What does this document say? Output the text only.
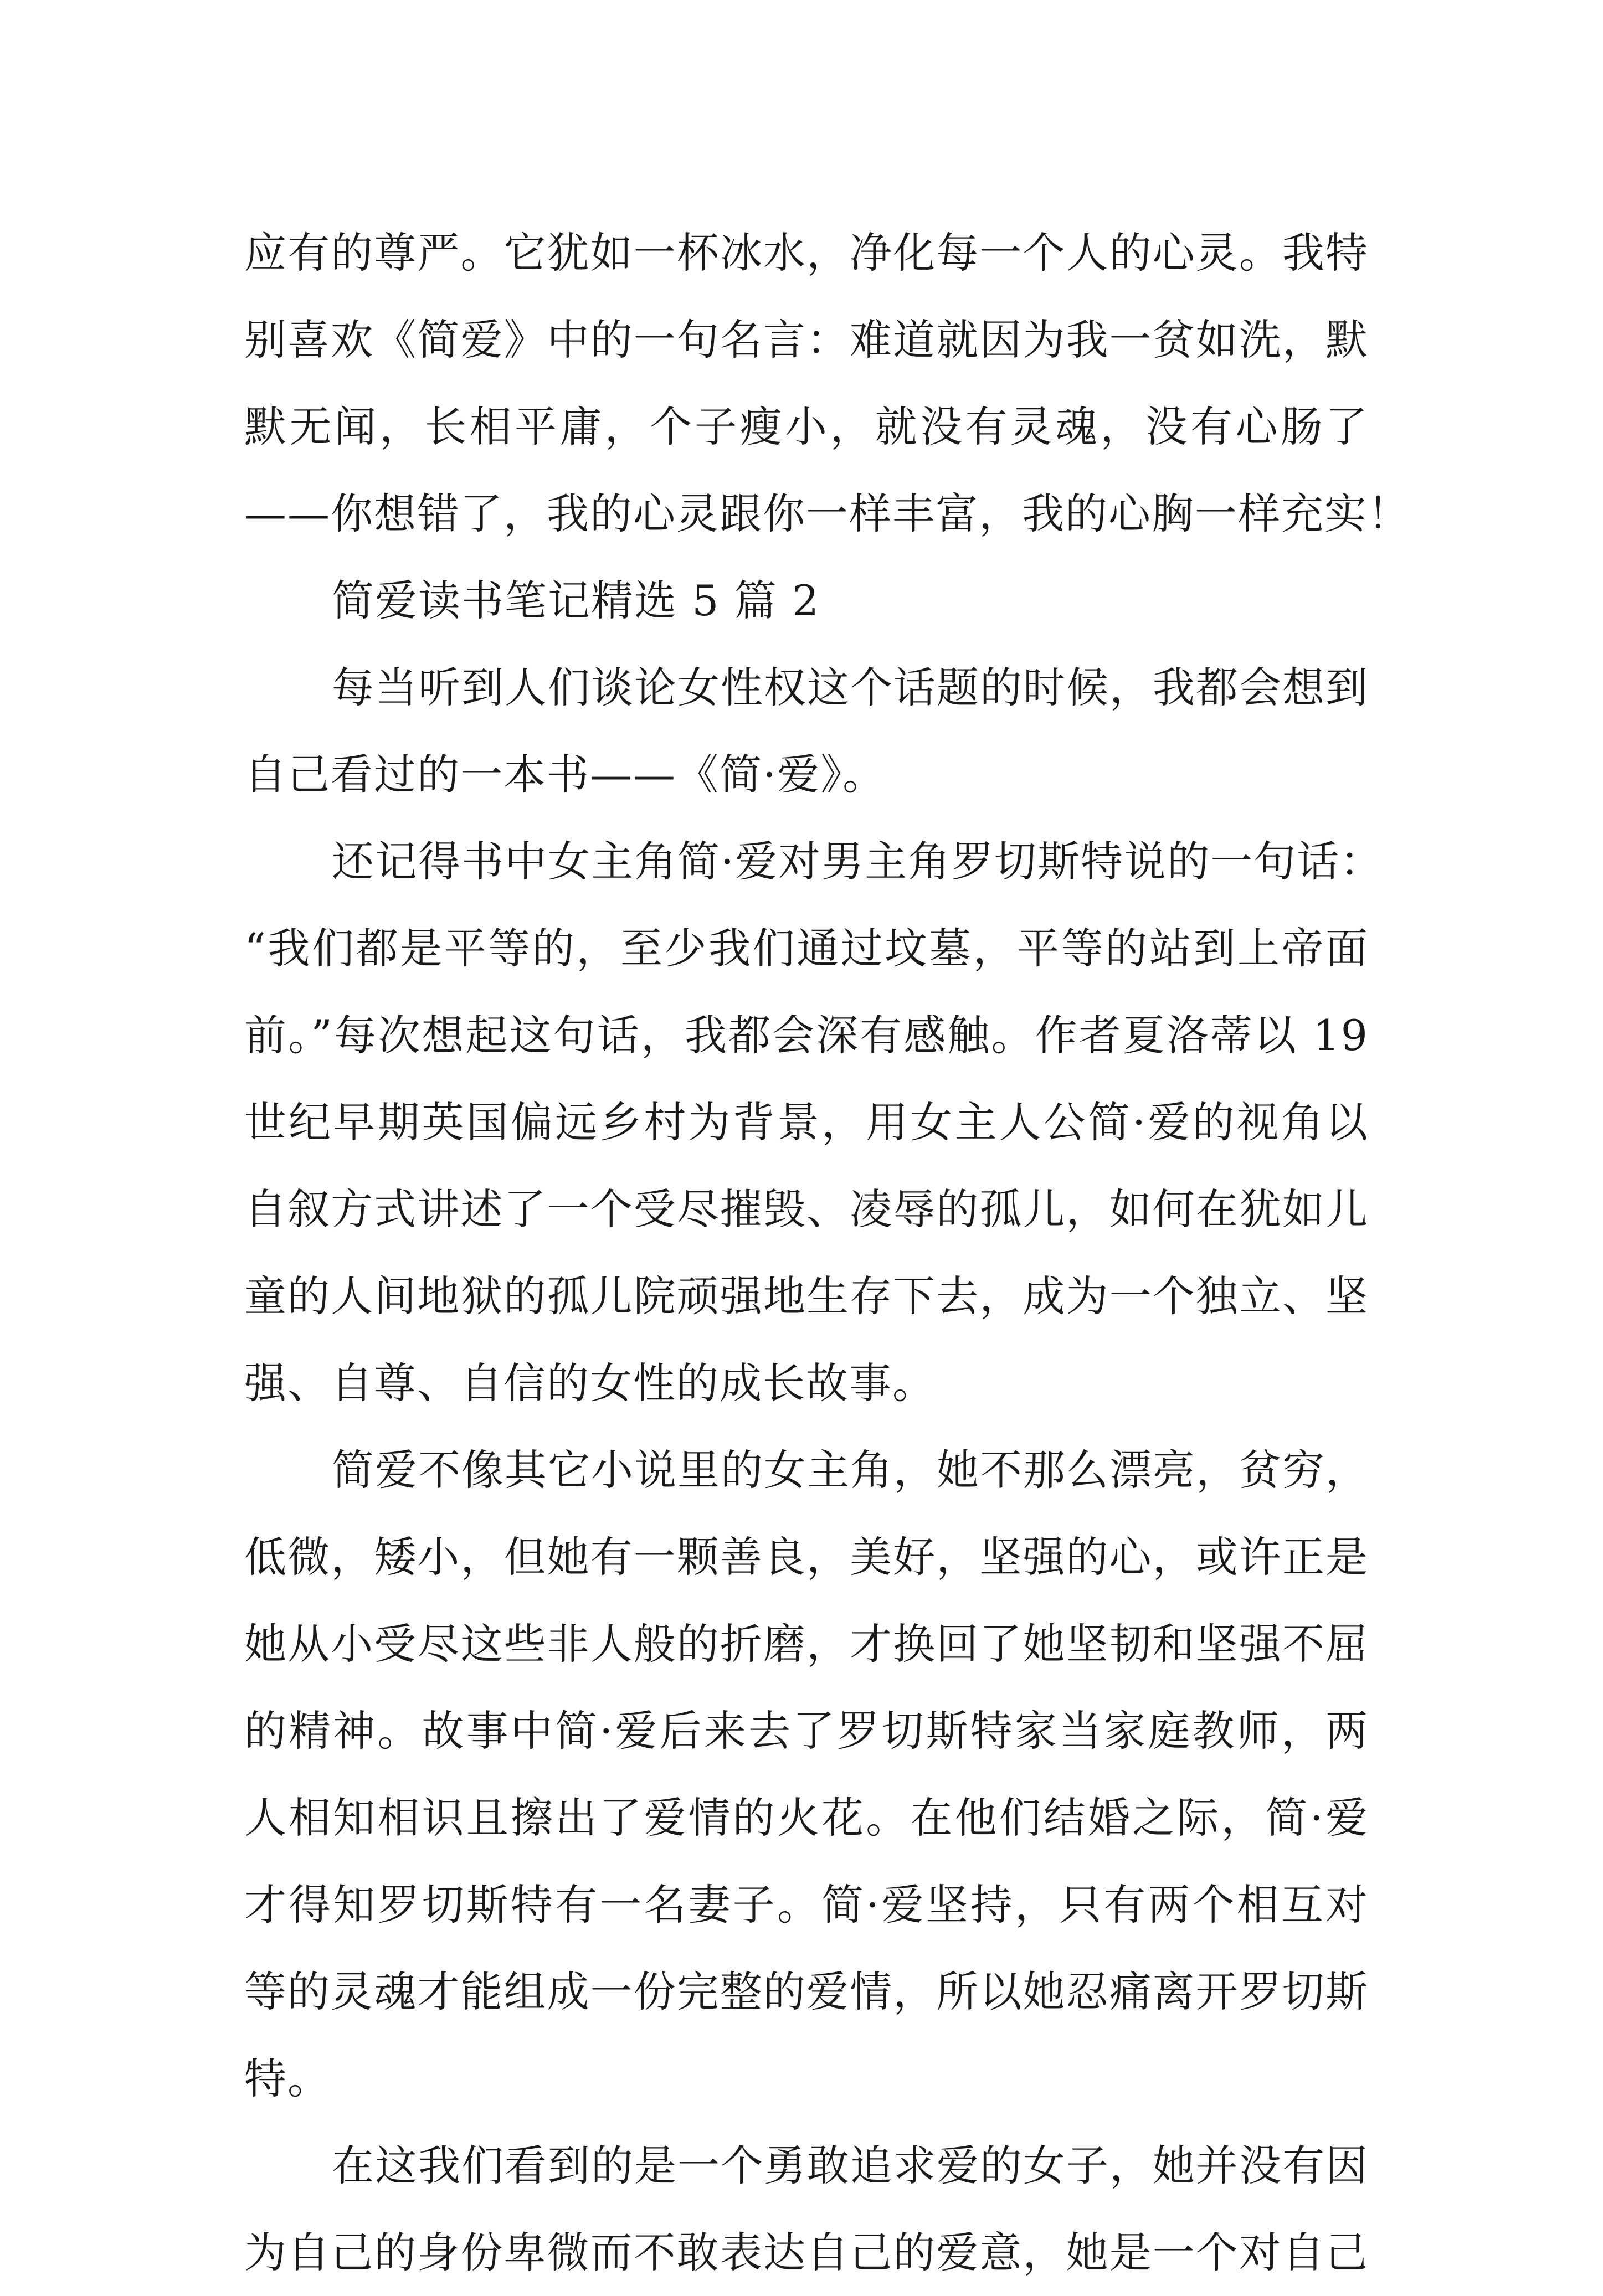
应有的尊严。它犹如一杯冰水，净化每一个人的心灵。我特
别喜欢《简爱》中的一句名言：难道就因为我一贫如洗，默
默无闻，长相平庸，个子瘦小，就没有灵魂，没有心肠了
——你想错了，我的心灵跟你一样丰富，我的心胸一样充实！
简爱读书笔记精选 5 篇 2
每当听到人们谈论女性权这个话题的时候，我都会想到
自己看过的一本书——《简·爱》。
还记得书中女主角简·爱对男主角罗切斯特说的一句话：
“我们都是平等的，至少我们通过坟墓，平等的站到上帝面
前。”每次想起这句话，我都会深有感触。作者夏洛蒂以 19
世纪早期英国偏远乡村为背景，用女主人公简·爱的视角以
自叙方式讲述了一个受尽摧毁、凌辱的孤儿，如何在犹如儿
童的人间地狱的孤儿院顽强地生存下去，成为一个独立、坚
强、自尊、自信的女性的成长故事。
简爱不像其它小说里的女主角，她不那么漂亮，贫穷，
低微，矮小，但她有一颗善良，美好，坚强的心，或许正是
她从小受尽这些非人般的折磨，才换回了她坚韧和坚强不屈
的精神。故事中简·爱后来去了罗切斯特家当家庭教师，两
人相知相识且擦出了爱情的火花。在他们结婚之际，简·爱
才得知罗切斯特有一名妻子。简·爱坚持，只有两个相互对
等的灵魂才能组成一份完整的爱情，所以她忍痛离开罗切斯
特。
在这我们看到的是一个勇敢追求爱的女子，她并没有因
为自己的身份卑微而不敢表达自己的爱意，她是一个对自己
